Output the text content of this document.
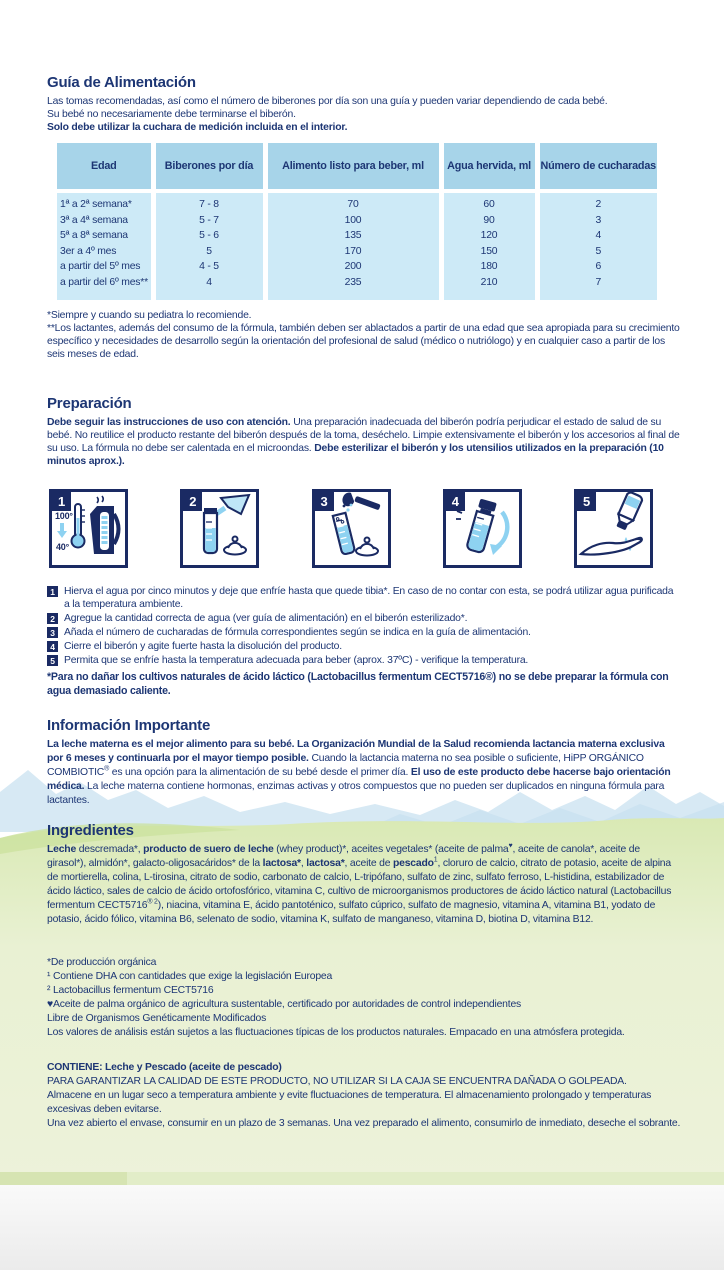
Guía de Alimentación
Las tomas recomendadas, así como el número de biberones por día son una guía y pueden variar dependiendo de cada bebé.
Su bebé no necesariamente debe terminarse el biberón.
Solo debe utilizar la cuchara de medición incluida en el interior.
Edad	Biberones por día	Alimento listo para beber, ml	Agua hervida, ml	Número de cucharadas
1ª a 2ª semana*	7 - 8	70	60	2
3ª a 4ª semana	5 - 7	100	90	3
5ª a 8ª semana	5 - 6	135	120	4
3er a 4º mes	5	170	150	5
a partir del 5º mes	4 - 5	200	180	6
a partir del 6º mes**	4	235	210	7
*Siempre y cuando su pediatra lo recomiende.
**Los lactantes, además del consumo de la fórmula, también deben ser ablactados a partir de una edad que sea apropiada para su crecimiento específico y necesidades de desarrollo según la orientación del profesional de salud (médico o nutriólogo) y en cualquier caso a partir de los seis meses de edad.
Preparación
Debe seguir las instrucciones de uso con atención. Una preparación inadecuada del biberón podría perjudicar el estado de salud de su bebé. No reutilice el producto restante del biberón después de la toma, deséchelo. Limpie extensivamente el biberón y los accesorios al final de su uso. La fórmula no debe ser calentada en el microondas. Debe esterilizar el biberón y los utensilios utilizados en la preparación (10 minutos aprox.).
1
100°
40°
2	3	4	5
1 Hierva el agua por cinco minutos y deje que enfríe hasta que quede tibia*. En caso de no contar con esta, se podrá utilizar agua purificada a la temperatura ambiente.
2 Agregue la cantidad correcta de agua (ver guía de alimentación) en el biberón esterilizado*.
3 Añada el número de cucharadas de fórmula correspondientes según se indica en la guía de alimentación.
4 Cierre el biberón y agite fuerte hasta la disolución del producto.
5 Permita que se enfríe hasta la temperatura adecuada para beber (aprox. 37ºC) - verifique la temperatura.
*Para no dañar los cultivos naturales de ácido láctico (Lactobacillus fermentum CECT5716®) no se debe preparar la fórmula con agua demasiado caliente.
Información Importante
La leche materna es el mejor alimento para su bebé. La Organización Mundial de la Salud recomienda lactancia materna exclusiva por 6 meses y continuarla por el mayor tiempo posible. Cuando la lactancia materna no sea posible o suficiente, HiPP ORGÁNICO COMBIOTIC® es una opción para la alimentación de su bebé desde el primer día. El uso de este producto debe hacerse bajo orientación médica. La leche materna contiene hormonas, enzimas activas y otros compuestos que no pueden ser duplicados en ninguna fórmula para lactantes.
Ingredientes
Leche descremada*, producto de suero de leche (whey product)*, aceites vegetales* (aceite de palma♥, aceite de canola*, aceite de girasol*), almidón*, galacto-oligosacáridos* de la lactosa*, lactosa*, aceite de pescado$^1$, cloruro de calcio, citrato de potasio, aceite de alpina de mortierella, colina, L-tirosina, citrato de sodio, carbonato de calcio, L-tripófano, sulfato de zinc, sulfato ferroso, L-histidina, estabilizador de ácido láctico, sales de calcio de ácido ortofosfórico, vitamina C, cultivo de microorganismos productores de ácido láctico natural (Lactobacillus fermentum $CECT5716^{® 2}$), niacina, vitamina E, ácido pantoténico, sulfato cúprico, sulfato de magnesio, vitamina A, vitamina B1, yodato de potasio, ácido fólico, vitamina B6, selenato de sodio, vitamina K, sulfato de manganeso, vitamina D, biotina D, vitamina B12.
*De producción orgánica
¹ Contiene DHA con cantidades que exige la legislación Europea
² Lactobacillus fermentum CECT5716
♥Aceite de palma orgánico de agricultura sustentable, certificado por autoridades de control independientes
Libre de Organismos Genéticamente Modificados
Los valores de análisis están sujetos a las fluctuaciones típicas de los productos naturales. Empacado en una atmósfera protegida.
CONTIENE: Leche y Pescado (aceite de pescado)
PARA GARANTIZAR LA CALIDAD DE ESTE PRODUCTO, NO UTILIZAR SI LA CAJA SE ENCUENTRA DAÑADA O GOLPEADA.
Almacene en un lugar seco a temperatura ambiente y evite fluctuaciones de temperatura. El almacenamiento prolongado y temperaturas excesivas deben evitarse.
Una vez abierto el envase, consumir en un plazo de 3 semanas. Una vez preparado el alimento, consumirlo de inmediato, deseche el sobrante.
